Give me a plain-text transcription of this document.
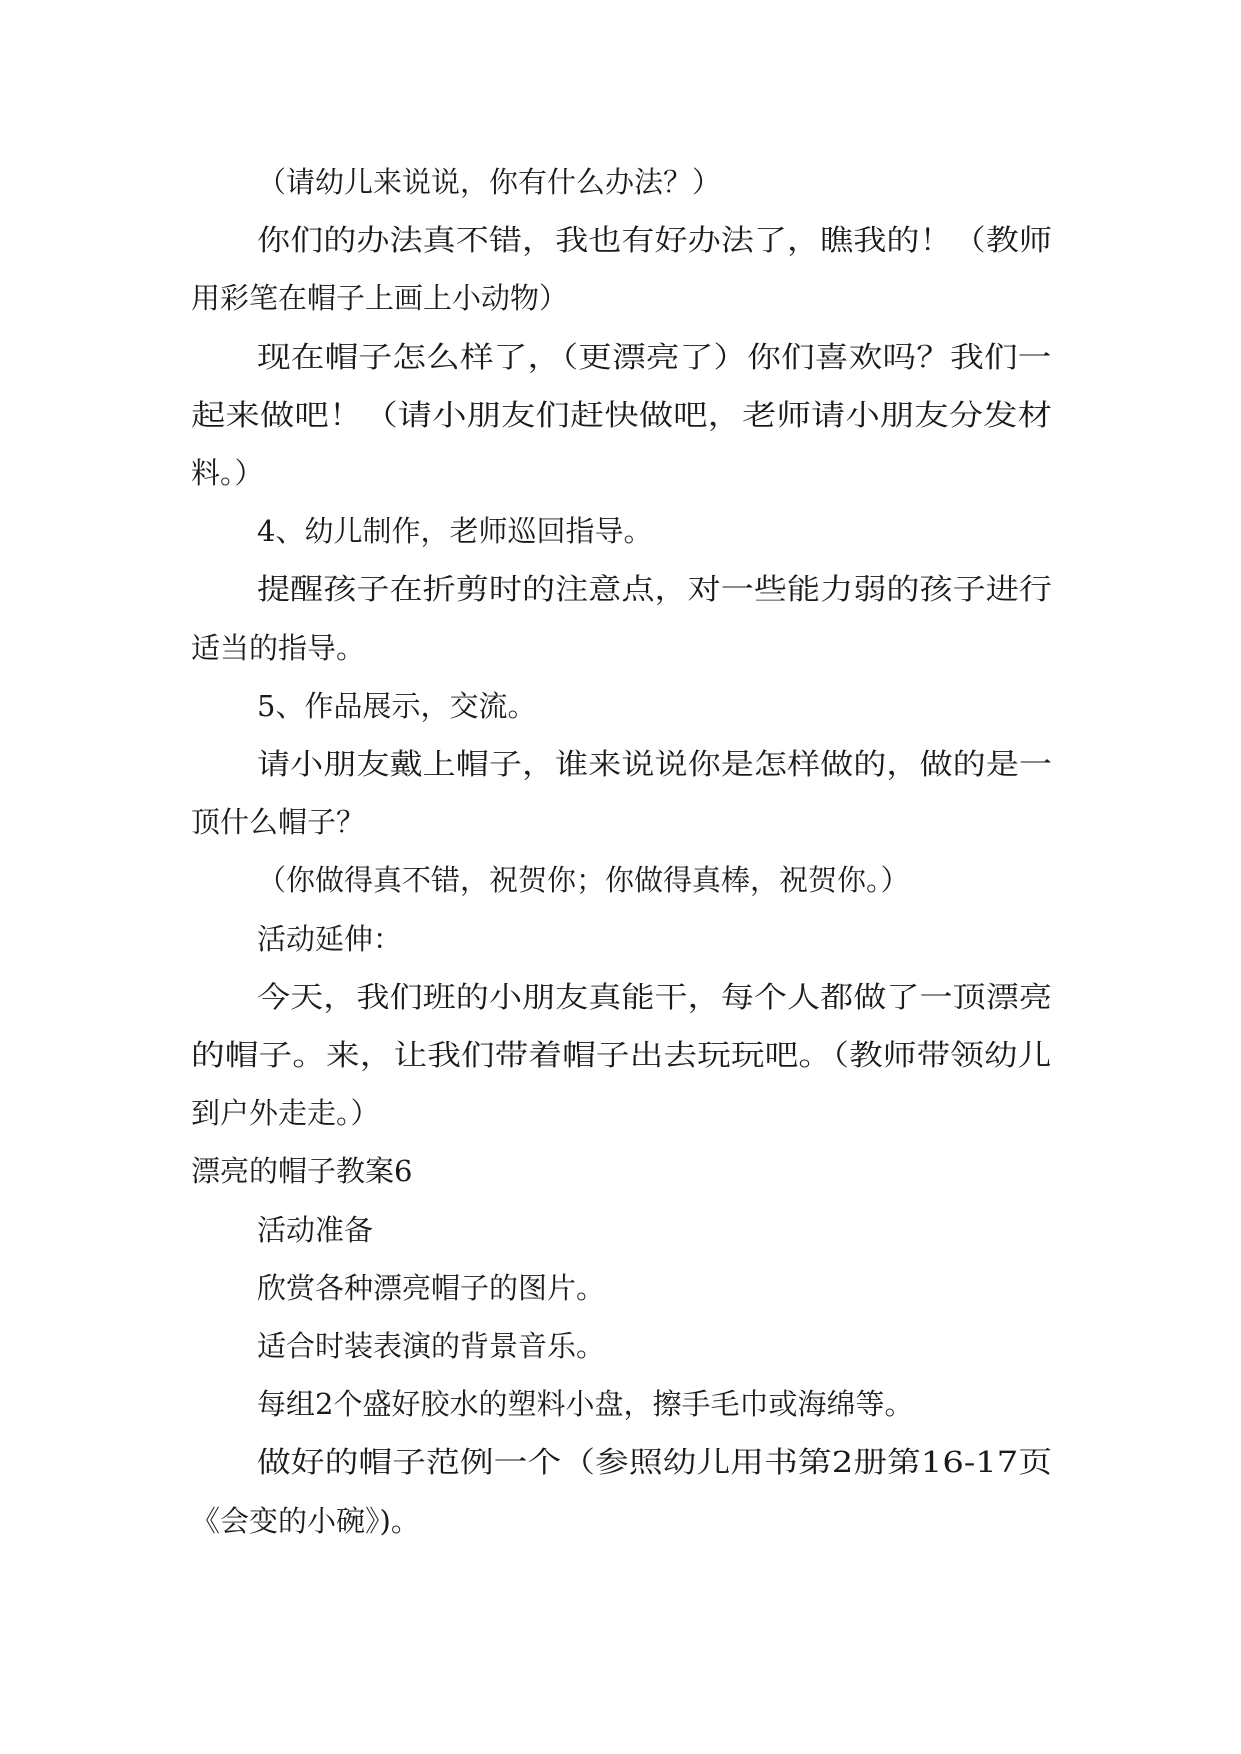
（请幼儿来说说，你有什么办法？）

你们的办法真不错，我也有好办法了，瞧我的！（教师

用彩笔在帽子上画上小动物）

现在帽子怎么样了，（更漂亮了）你们喜欢吗？我们一

起来做吧！（请小朋友们赶快做吧，老师请小朋友分发材

料。）

4、幼儿制作，老师巡回指导。

提醒孩子在折剪时的注意点，对一些能力弱的孩子进行

适当的指导。

5、作品展示，交流。

请小朋友戴上帽子，谁来说说你是怎样做的，做的是一

顶什么帽子？

（你做得真不错，祝贺你；你做得真棒，祝贺你。）

活动延伸：

今天，我们班的小朋友真能干，每个人都做了一顶漂亮

的帽子。来，让我们带着帽子出去玩玩吧。（教师带领幼儿

到户外走走。）

漂亮的帽子教案6

活动准备

欣赏各种漂亮帽子的图片。

适合时装表演的背景音乐。

每组2个盛好胶水的塑料小盘，擦手毛巾或海绵等。

做好的帽子范例一个（参照幼儿用书第2册第16-17页

《会变的小碗》)。
